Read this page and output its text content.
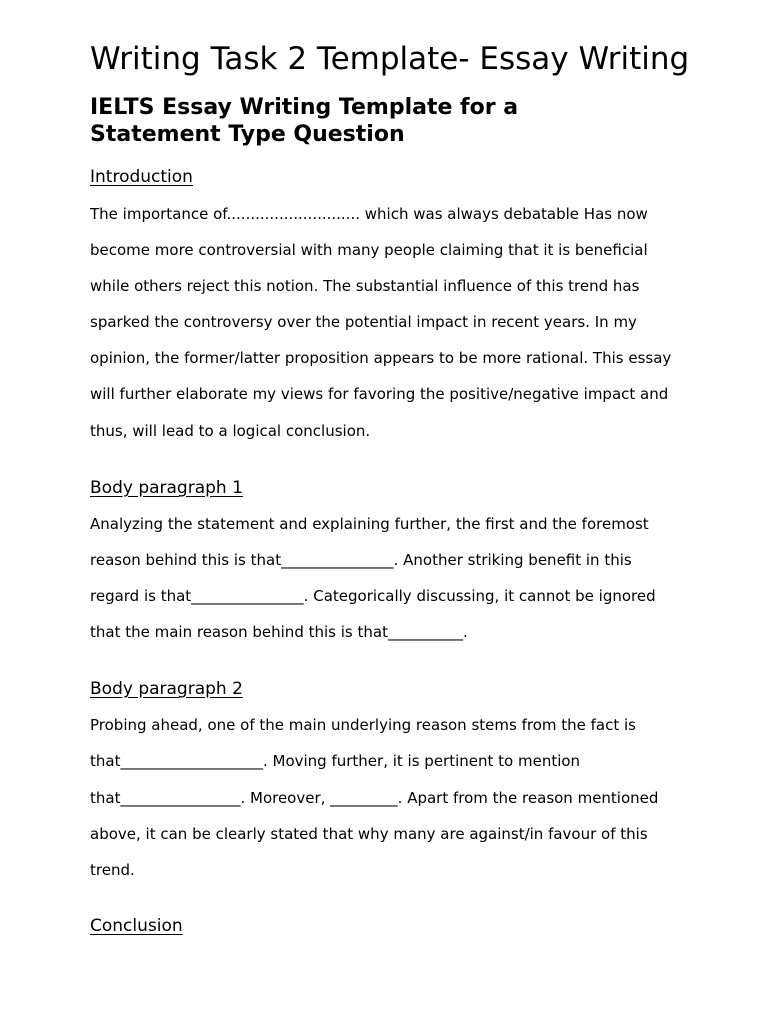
Writing Task 2 Template- Essay Writing
IELTS Essay Writing Template for a
Statement Type Question
Introduction

The importance of............................ which was always debatable Has now

become more controversial with many people claiming that it is beneficial

while others reject this notion. The substantial influence of this trend has

sparked the controversy over the potential impact in recent years. In my

opinion, the former/latter proposition appears to be more rational. This essay

will further elaborate my views for favoring the positive/negative impact and

thus, will lead to a logical conclusion.

Body paragraph 1

Analyzing the statement and explaining further, the first and the foremost

reason behind this is that_______________. Another striking benefit in this

regard is that_______________. Categorically discussing, it cannot be ignored

that the main reason behind this is that__________.

Body paragraph 2

Probing ahead, one of the main underlying reason stems from the fact is

that___________________. Moving further, it is pertinent to mention

that________________. Moreover, _________. Apart from the reason mentioned

above, it can be clearly stated that why many are against/in favour of this

trend.

Conclusion
